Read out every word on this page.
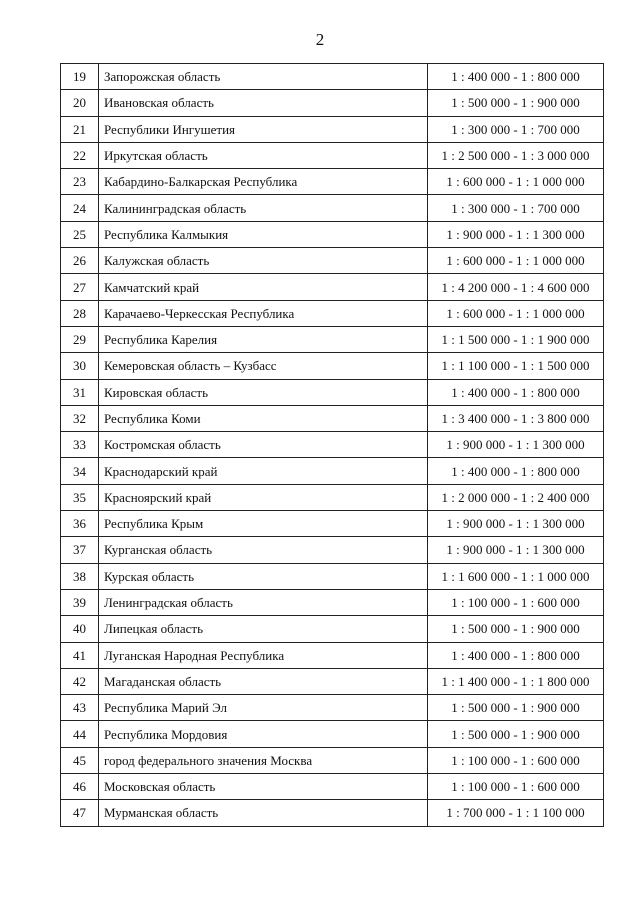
2
19	Запорожская область	1 : 400 000 - 1 : 800 000
20	Ивановская область	1 : 500 000 - 1 : 900 000
21	Республики Ингушетия	1 : 300 000 - 1 : 700 000
22	Иркутская область	1 : 2 500 000 - 1 : 3 000 000
23	Кабардино-Балкарская Республика	1 : 600 000 - 1 : 1 000 000
24	Калининградская область	1 : 300 000 - 1 : 700 000
25	Республика Калмыкия	1 : 900 000 - 1 : 1 300 000
26	Калужская область	1 : 600 000 - 1 : 1 000 000
27	Камчатский край	1 : 4 200 000 - 1 : 4 600 000
28	Карачаево-Черкесская Республика	1 : 600 000 - 1 : 1 000 000
29	Республика Карелия	1 : 1 500 000 - 1 : 1 900 000
30	Кемеровская область – Кузбасс	1 : 1 100 000 - 1 : 1 500 000
31	Кировская область	1 : 400 000 - 1 : 800 000
32	Республика Коми	1 : 3 400 000 - 1 : 3 800 000
33	Костромская область	1 : 900 000 - 1 : 1 300 000
34	Краснодарский край	1 : 400 000 - 1 : 800 000
35	Красноярский край	1 : 2 000 000 - 1 : 2 400 000
36	Республика Крым	1 : 900 000 - 1 : 1 300 000
37	Курганская область	1 : 900 000 - 1 : 1 300 000
38	Курская область	1 : 1 600 000 - 1 : 1 000 000
39	Ленинградская область	1 : 100 000 - 1 : 600 000
40	Липецкая область	1 : 500 000 - 1 : 900 000
41	Луганская Народная Республика	1 : 400 000 - 1 : 800 000
42	Магаданская область	1 : 1 400 000 - 1 : 1 800 000
43	Республика Марий Эл	1 : 500 000 - 1 : 900 000
44	Республика Мордовия	1 : 500 000 - 1 : 900 000
45	город федерального значения Москва	1 : 100 000 - 1 : 600 000
46	Московская область	1 : 100 000 - 1 : 600 000
47	Мурманская область	1 : 700 000 - 1 : 1 100 000
